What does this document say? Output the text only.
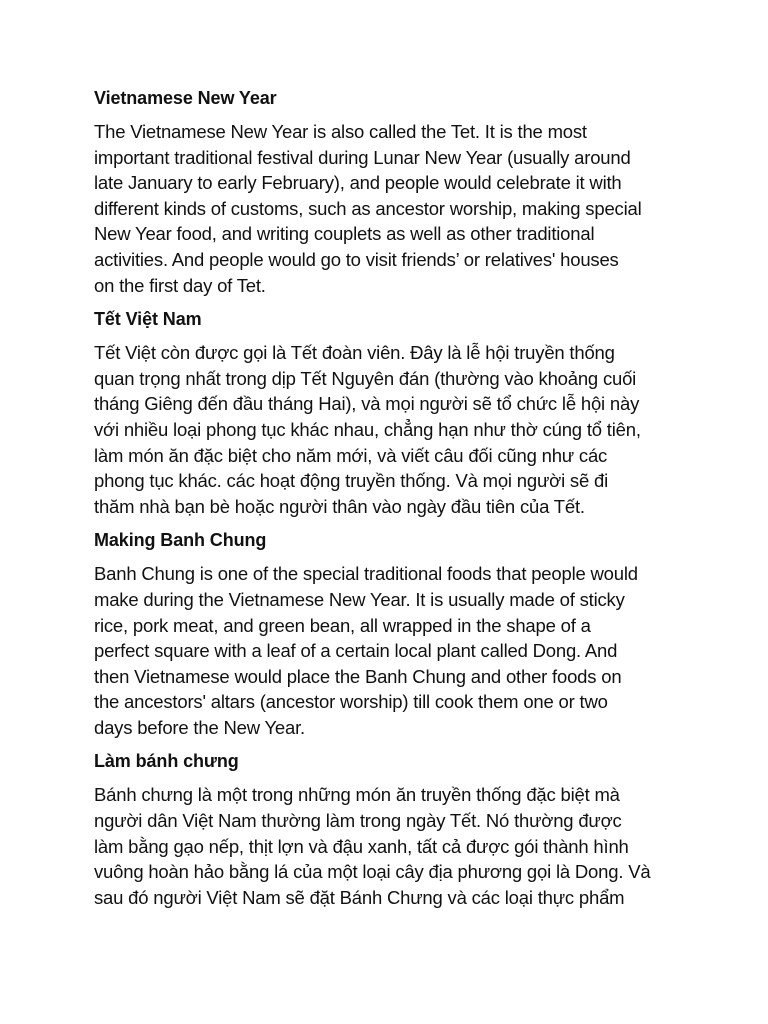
Vietnamese New Year
The Vietnamese New Year is also called the Tet. It is the most
important traditional festival during Lunar New Year (usually around
late January to early February), and people would celebrate it with
different kinds of customs, such as ancestor worship, making special
New Year food, and writing couplets as well as other traditional
activities. And people would go to visit friends’ or relatives' houses
on the first day of Tet.
Tết Việt Nam
Tết Việt còn được gọi là Tết đoàn viên. Đây là lễ hội truyền thống
quan trọng nhất trong dịp Tết Nguyên đán (thường vào khoảng cuối
tháng Giêng đến đầu tháng Hai), và mọi người sẽ tổ chức lễ hội này
với nhiều loại phong tục khác nhau, chẳng hạn như thờ cúng tổ tiên,
làm món ăn đặc biệt cho năm mới, và viết câu đối cũng như các
phong tục khác. các hoạt động truyền thống. Và mọi người sẽ đi
thăm nhà bạn bè hoặc người thân vào ngày đầu tiên của Tết.
Making Banh Chung
Banh Chung is one of the special traditional foods that people would
make during the Vietnamese New Year. It is usually made of sticky
rice, pork meat, and green bean, all wrapped in the shape of a
perfect square with a leaf of a certain local plant called Dong. And
then Vietnamese would place the Banh Chung and other foods on
the ancestors' altars (ancestor worship) till cook them one or two
days before the New Year.
Làm bánh chưng
Bánh chưng là một trong những món ăn truyền thống đặc biệt mà
người dân Việt Nam thường làm trong ngày Tết. Nó thường được
làm bằng gạo nếp, thịt lợn và đậu xanh, tất cả được gói thành hình
vuông hoàn hảo bằng lá của một loại cây địa phương gọi là Dong. Và
sau đó người Việt Nam sẽ đặt Bánh Chưng và các loại thực phẩm
